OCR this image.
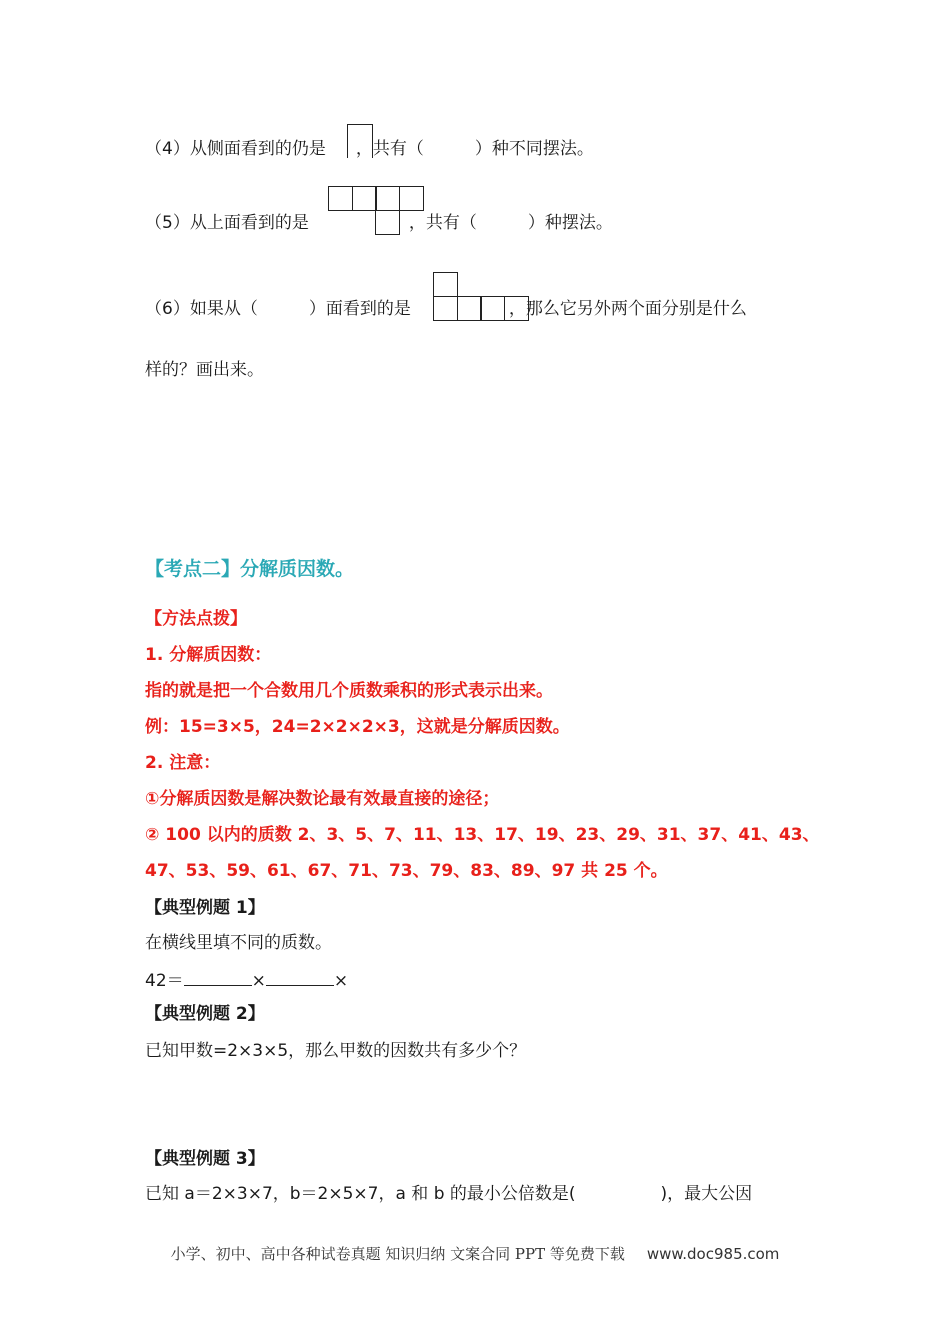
（4）从侧面看到的仍是 ，共有（　　　）种不同摆法。
（5）从上面看到的是	，共有（　　　）种摆法。
（6）如果从（　　　）面看到的是	，那么它另外两个面分别是什么
样的？画出来。
【考点二】分解质因数。
【方法点拨】
1. 分解质因数：
指的就是把一个合数用几个质数乘积的形式表示出来。
例：15=3×5，24=2×2×2×3，这就是分解质因数。
2. 注意：
①分解质因数是解决数论最有效最直接的途径；
② 100 以内的质数 2、3、5、7、11、13、17、19、23、29、31、37、41、43、
47、53、59、61、67、71、73、79、83、89、97 共 25 个。
【典型例题 1】
在横线里填不同的质数。
42＝	×	×
【典型例题 2】
已知甲数=2×3×5，那么甲数的因数共有多少个？
【典型例题 3】
已知 a＝2×3×7，b＝2×5×7，a 和 b 的最小公倍数是(　　　　　)，最大公因
小学、初中、高中各种试卷真题 知识归纳 文案合同 PPT 等免费下载 www.doc985.com
